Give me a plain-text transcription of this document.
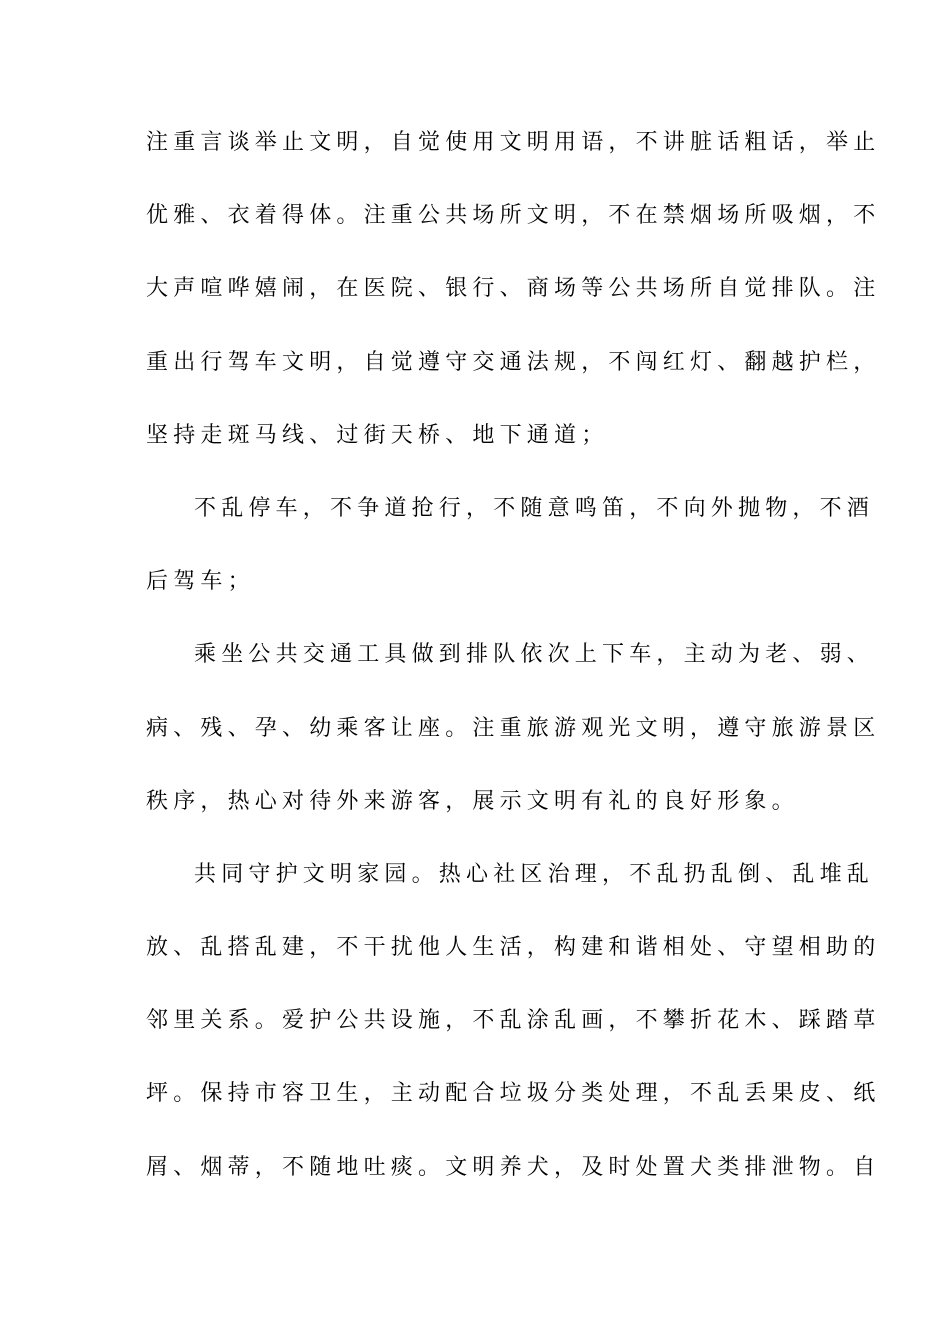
注重言谈举止文明，自觉使用文明用语，不讲脏话粗话，举止
优雅、衣着得体。注重公共场所文明，不在禁烟场所吸烟，不
大声喧哗嬉闹，在医院、银行、商场等公共场所自觉排队。注
重出行驾车文明，自觉遵守交通法规，不闯红灯、翻越护栏，
坚持走斑马线、过街天桥、地下通道；
不乱停车，不争道抢行，不随意鸣笛，不向外抛物，不酒
后驾车；
乘坐公共交通工具做到排队依次上下车，主动为老、弱、
病、残、孕、幼乘客让座。注重旅游观光文明，遵守旅游景区
秩序，热心对待外来游客，展示文明有礼的良好形象。
共同守护文明家园。热心社区治理，不乱扔乱倒、乱堆乱
放、乱搭乱建，不干扰他人生活，构建和谐相处、守望相助的
邻里关系。爱护公共设施，不乱涂乱画，不攀折花木、踩踏草
坪。保持市容卫生，主动配合垃圾分类处理，不乱丢果皮、纸
屑、烟蒂，不随地吐痰。文明养犬，及时处置犬类排泄物。自
